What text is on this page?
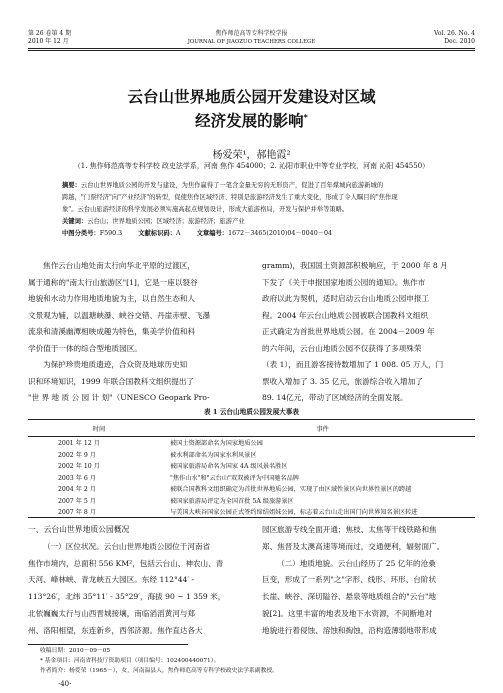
第 26 卷第 4 期
2010 年 12 月
焦作师范高等专科学校学报
JOURNAL OF JIAOZUO TEACHERS COLLEGE
Vol. 26. No. 4
Dec. 2010
云台山世界地质公园开发建设对区域
经济发展的影响*
杨爱荣¹，郝艳霞²
（1. 焦作师范高等专科学校 政史法学系，河南 焦作 454000；2. 沁阳市职业中等专业学校，河南 沁阳 454550）
摘要：云台山世界地质公园的开发与建设，为焦作赢得了一笔含金量无穷的无形资产，促进了百年煤城向旅游新城的
跨越，"门票经济"向"产业经济"的转型，促使焦作区域经济、特别是旅游经济发生了重大变化，形成了令人瞩目的"焦作现
象"。云台山旅游经济的科学发展必须实施高起点规划设计，形成大旅游格局，开发与保护并举等策略。
关键词：云台山；世界地质公园；区域经济；旅游经济；旅游产业
中图分类号：F590.3	文献标识码：A	文章编号：1672－3465(2010)04－0040－04

焦作云台山地处南太行向华北平原的过渡区，

属于通称的"南太行山旅游区"[1]，它是一座以裂谷
地貌和水动力作用地质地貌为主，以自然生态和人
文景观为辅，以温瑭峡瀑、峡谷交错、丹崖赤壁、飞瀑
流泉和清溪幽潭相映成趣为特色，集美学价值和科
学价值于一体的综合型地质园区。

为保护珍贵地质遗迹，合众资及地球历史知

识和环境知识，1999 年联合国教科文组织提出了
"世 界 地 质 公 园 计 划"（UNESCO Geopark Pro-
gramm)，我国国土资源部积极响应，于 2000 年 8 月
下发了《关于申报国家地质公园的通知》。焦作市
政府以此为契机，适时启动云台山地质公园申报工
程。2004 年云台山地质公园被联合国教科文组织
正式确定为首批世界地质公园。在 2004－2009 年
的六年间，云台山地质公园不仅获得了多项殊荣
（表 1），而且游客接待数增加了 1 008. 05 万人，门
票收入增加了 3. 35 亿元，旅游综合收入增加了
89. 14亿元，带动了区域经济的全面发展。
表 1 云台山地质公园发展大事表
时间	事件
2001 年 12 月	被国土资源部命名为国家地质公园
2002 年 9 月	被水利部命名为国家水利风景区
2002 年 10 月	被国家旅游局命名为国家 4A 级风景名胜区
2003 年 6 月	"焦作山水"和"云台山"双双被评为中国驰名品牌
2004 年 2 月	被联合国教科文组织确定为首批世界地质公园，实现了由区域性景区向世界性景区的跨越
2007 年 5 月	被国家旅游局评定为全国首批 5A 级旅游景区
2007 年 8 月	与美国大峡谷国家公园正式签约缔结姐妹公园，标志着云台山走出国门向世界知名景区转进
一、云台山世界地质公园概况

（一）区位状况。云台山世界地质公园位于河南省

焦作市境内，总面积 556 KM²，包括云台山、神农山、青
天河、峰林峡、青龙峡五大园区。东经 112°44′ -
113°26′，北纬 35°11′ - 35°29′，海拔 90 ~ 1 359 米，
北依巍巍太行与山西晋城接壤，南临滔滔黄河与郑
州、洛阳相望，东连新乡，西邻济源。焦作直达各大
园区旅游专线全面开通；焦枝、太焦等干线铁路和焦
郑、焦晋及太澳高速等境而过，交通便利，辐射面广。

（二）地质地貌。云台山经历了 25 亿年的沧桑

巨变，形成了一系列"之"字形、线形、环形、台阶状
长崖、峡谷、深切隘谷、悬泉等地质组合的"云台"地
貌[2]。这里丰富的地表及地下水资源，不间断地对
地貌进行着侵蚀、溶蚀和掏蚀，沿构造薄弱地带形成
收稿日期：2010－09－05
* 基金项目：河南省科技厅资助项目（项目编号：102400440071）。
作者简介：杨爱荣（1965－），女，河南温县人，焦作师范高等专科学校政史法学系副教授。
·40·
